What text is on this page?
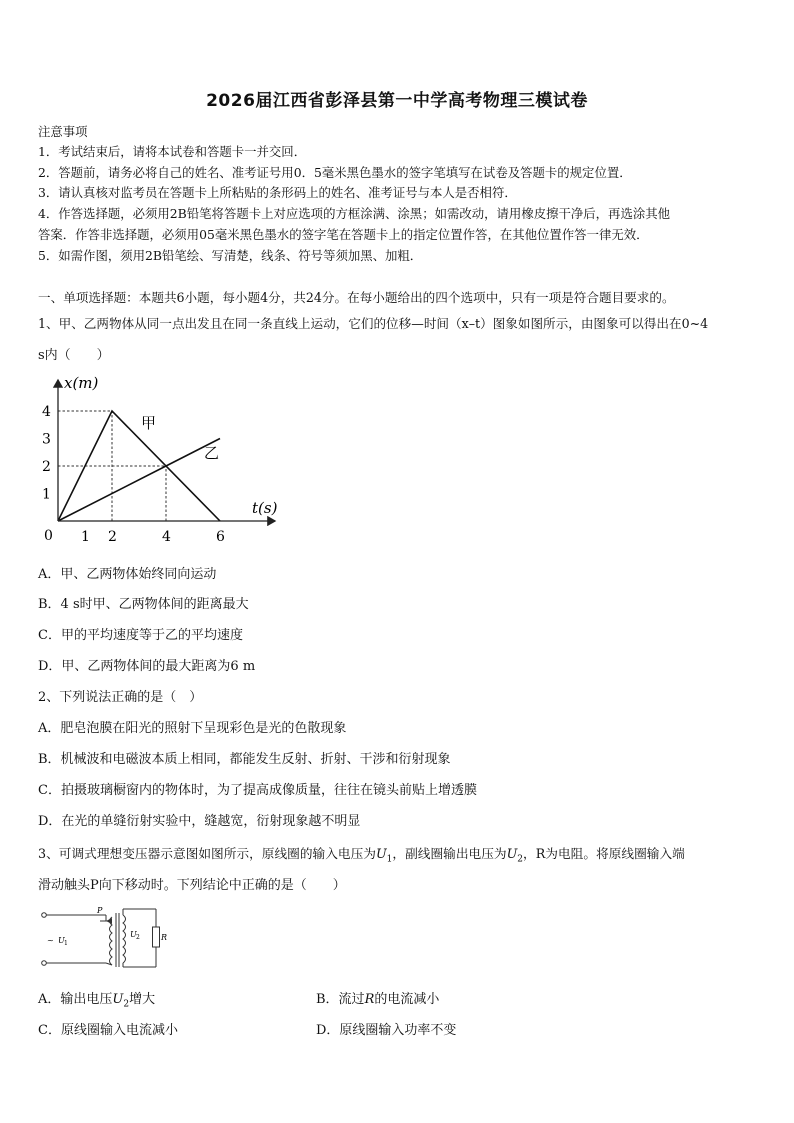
2026届江西省彭泽县第一中学高考物理三模试卷
注意事项
1．考试结束后，请将本试卷和答题卡一并交回．
2．答题前，请务必将自己的姓名、准考证号用0．5毫米黑色墨水的签字笔填写在试卷及答题卡的规定位置．
3．请认真核对监考员在答题卡上所粘贴的条形码上的姓名、准考证号与本人是否相符．
4．作答选择题，必须用2B铅笔将答题卡上对应选项的方框涂满、涂黑；如需改动，请用橡皮擦干净后，再选涂其他
答案．作答非选择题，必须用05毫米黑色墨水的签字笔在答题卡上的指定位置作答，在其他位置作答一律无效．
5．如需作图，须用2B铅笔绘、写清楚，线条、符号等须加黑、加粗．
一、单项选择题：本题共6小题，每小题4分，共24分。在每小题给出的四个选项中，只有一项是符合题目要求的。
1、甲、乙两物体从同一点出发且在同一条直线上运动，它们的位移—时间（x–t）图象如图所示，由图象可以得出在0~4
s内（　　）
1 2	4	6
1
2
3
4
x(m)
t(s)
0
甲
乙
A．甲、乙两物体始终同向运动
B．4 s时甲、乙两物体间的距离最大
C．甲的平均速度等于乙的平均速度
D．甲、乙两物体间的最大距离为6 m
2、下列说法正确的是（　）
A．肥皂泡膜在阳光的照射下呈现彩色是光的色散现象
B．机械波和电磁波本质上相同，都能发生反射、折射、干涉和衍射现象
C．拍摄玻璃橱窗内的物体时，为了提高成像质量，往往在镜头前贴上增透膜
D．在光的单缝衍射实验中，缝越宽，衍射现象越不明显
3、可调式理想变压器示意图如图所示，原线圈的输入电压为$U_1$，副线圈输出电压为$U_2$，R为电阻。将原线圈输入端
滑动触头P向下移动时。下列结论中正确的是（　　）
P
R
~ U 1
U 2
A．输出电压$U_2$增大	B．流过R的电流减小
C．原线圈输入电流减小	D．原线圈输入功率不变
